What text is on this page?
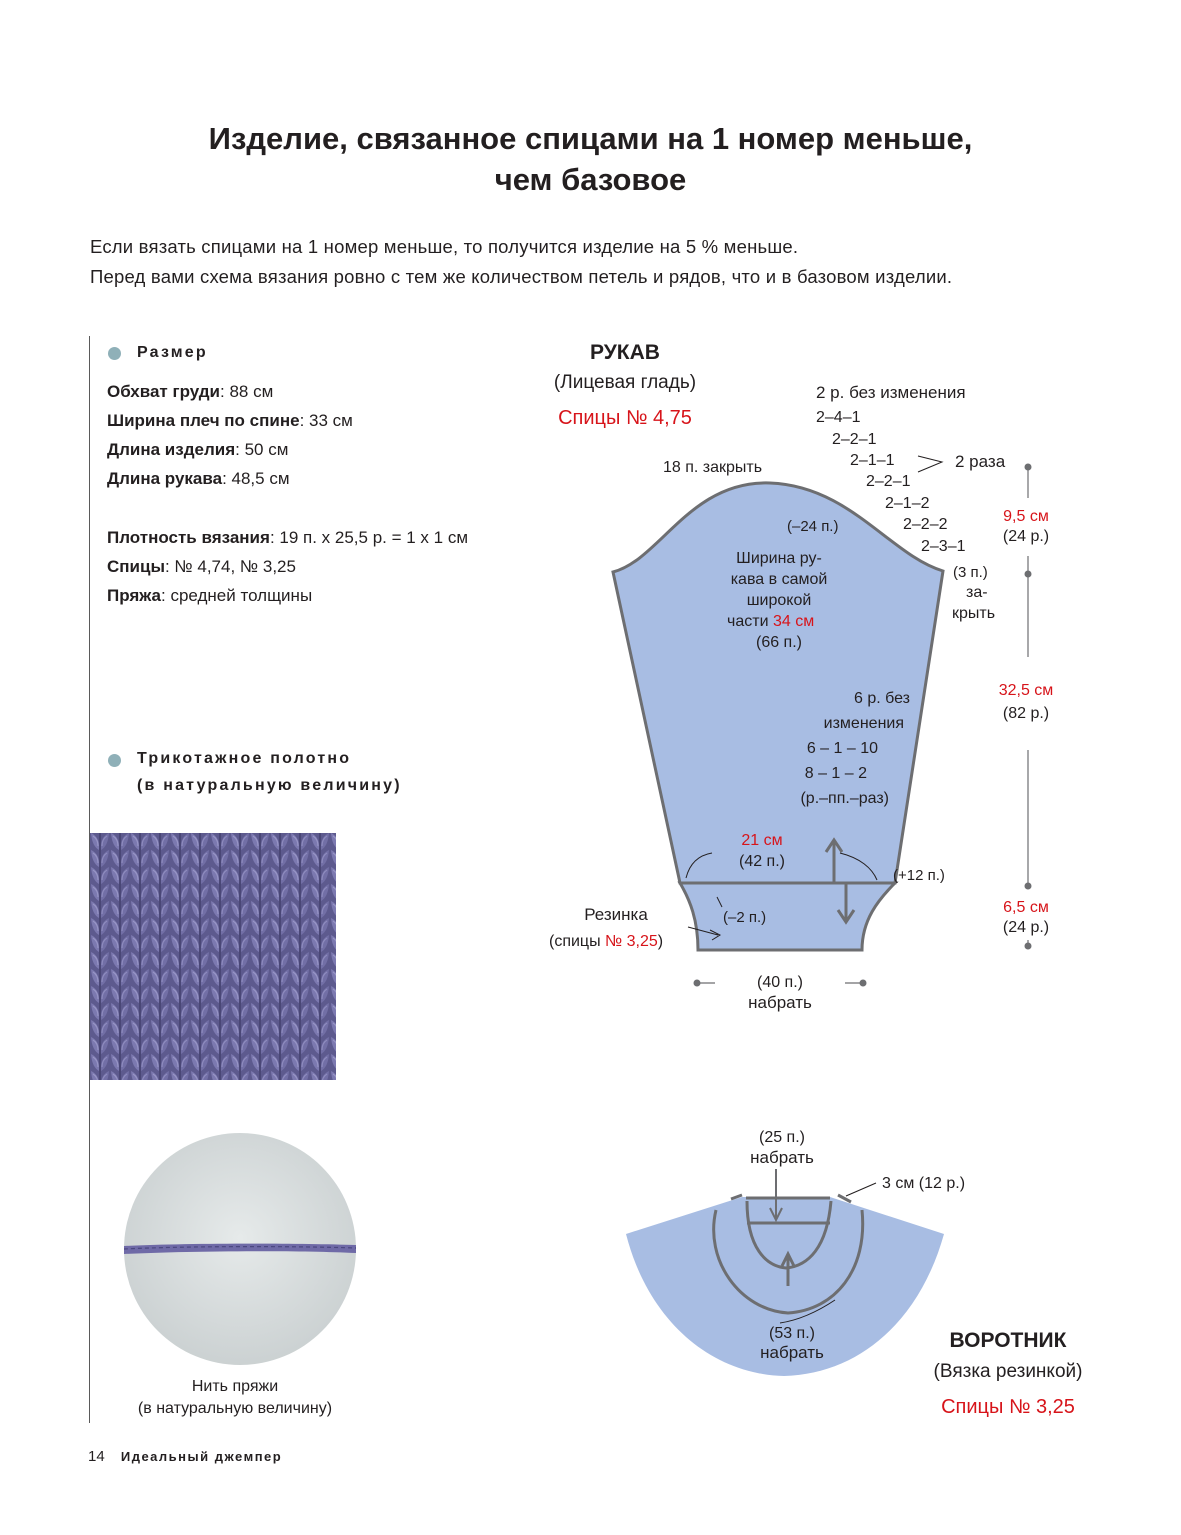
Изделие, связанное спицами на 1 номер меньше,
чем базовое

Если вязать спицами на 1 номер меньше, то получится изделие на 5 % меньше.

Перед вами схема вязания ровно с тем же количеством петель и рядов, что и в базовом изделии.

Размер
Обхват груди: 88 см
Ширина плеч по спине: 33 см
Длина изделия: 50 см
Длина рукава: 48,5 см
Плотность вязания: 19 п. х 25,5 р. = 1 х 1 см
Спицы: № 4,74, № 3,25
Пряжа: средней толщины
Трикотажное полотно
(в натуральную величину)
Нить пряжи
(в натуральную величину)
РУКАВ
(Лицевая гладь)
Спицы № 4,75
2 р. без изменения
2–4–1
2–2–1
2–1–1
2–2–1
2–1–2
2–2–2
2–3–1
2 раза
18 п. закрыть
(–24 п.)
Ширина ру-
кава в самой
широкой
части 34 см
(66 п.)
(3 п.)
за-
крыть
9,5 см
(24 р.)
32,5 см
(82 р.)
6 р. без
изменения
6 – 1 – 10
8 – 1 – 2
(р.–пп.–раз)
21 см
(42 п.)
(+12 п.)
(–2 п.)
Резинка
(спицы № 3,25)
6,5 см
(24 р.)
(40 п.)
набрать
(25 п.)
набрать
3 см (12 р.)
(53 п.)
набрать
ВОРОТНИК
(Вязка резинкой)
Спицы № 3,25
14 Идеальный джемпер
